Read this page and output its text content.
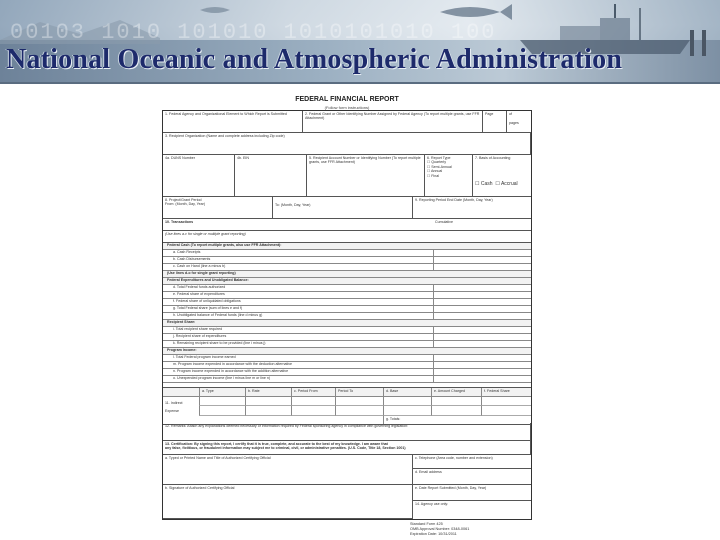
00103 1010 101010 1010101010 100
National Oceanic and Atmospheric Administration
FEDERAL FINANCIAL REPORT
(Follow form instructions)
1. Federal Agency and Organizational Element to Which Report is Submitted	2. Federal Grant or Other Identifying Number Assigned by Federal Agency (To report multiple grants, use FFR Attachment)
Page	of

pages
3. Recipient Organization (Name and complete address including Zip code)
4a. DUNS Number	4b. EIN	5. Recipient Account Number or Identifying Number (To report multiple grants, use FFR Attachment)
6. Report Type
☐ Quarterly
☐ Semi-Annual
☐ Annual
☐ Final
7. Basis of Accounting
☐ Cash ☐ Accrual
8. Project/Grant Period
From: (Month, Day, Year)	To: (Month, Day, Year)
9. Reporting Period End Date (Month, Day, Year)
10. Transactions	Cumulative
(Use lines a-c for single or multiple grant reporting)
Federal Cash (To report multiple grants, also use FFR Attachment):
a. Cash Receipts
b. Cash Disbursements
c. Cash on Hand (line a minus b)
(Use lines d-o for single grant reporting)
Federal Expenditures and Unobligated Balance:
d. Total Federal funds authorized
e. Federal share of expenditures
f. Federal share of unliquidated obligations
g. Total Federal share (sum of lines e and f)
h. Unobligated balance of Federal funds (line d minus g)
Recipient Share:
i. Total recipient share required
j. Recipient share of expenditures
k. Remaining recipient share to be provided (line i minus j)
Program Income:
l. Total Federal program income earned
m. Program income expended in accordance with the deduction alternative
n. Program income expended in accordance with the addition alternative
o. Unexpended program income (line l minus line m or line n)
a. Type	b. Rate	c. Period From	Period To	d. Base	e. Amount Charged	f. Federal Share
11. Indirect
Expense
g. Totals:
12. Remarks: Attach any explanations deemed necessary or information required by Federal sponsoring agency in compliance with governing legislation:
13. Certification: By signing this report, I certify that it is true, complete, and accurate to the best of my knowledge. I am aware that
any false, fictitious, or fraudulent information may subject me to criminal, civil, or administrative penalties. (U.S. Code, Title 18, Section 1001)
a. Typed or Printed Name and Title of Authorized Certifying Official	c. Telephone (Area code, number and extension)
d. Email address
b. Signature of Authorized Certifying Official	e. Date Report Submitted (Month, Day, Year)
14. Agency use only:
Standard Form 425
OMB Approval Number: 0348-0061
Expiration Date: 10/31/2011
